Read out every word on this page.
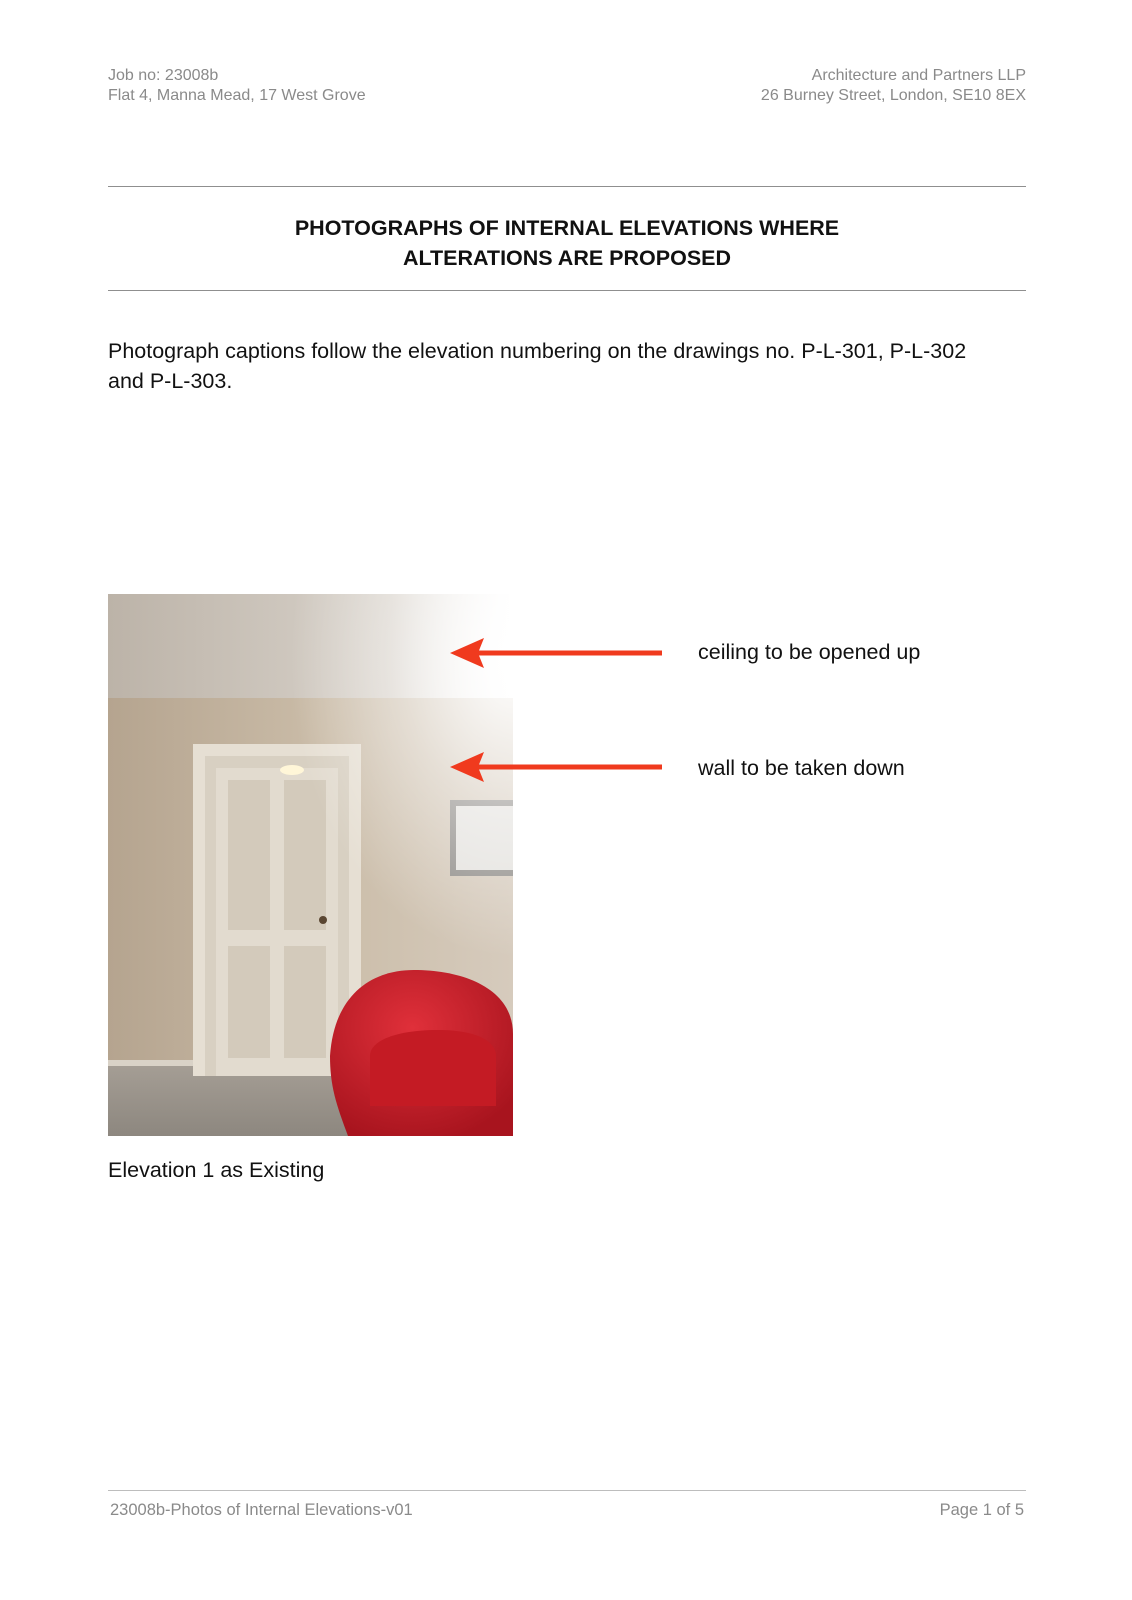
Job no: 23008b
Flat 4, Manna Mead, 17 West Grove
Architecture and Partners LLP
26 Burney Street, London, SE10 8EX
PHOTOGRAPHS OF INTERNAL ELEVATIONS WHERE
ALTERATIONS ARE PROPOSED
Photograph captions follow the elevation numbering on the drawings no. P-L-301, P-L-302
and P-L-303.
ceiling to be opened up
wall to be taken down
Elevation 1 as Existing
23008b-Photos of Internal Elevations-v01	Page 1 of 5
